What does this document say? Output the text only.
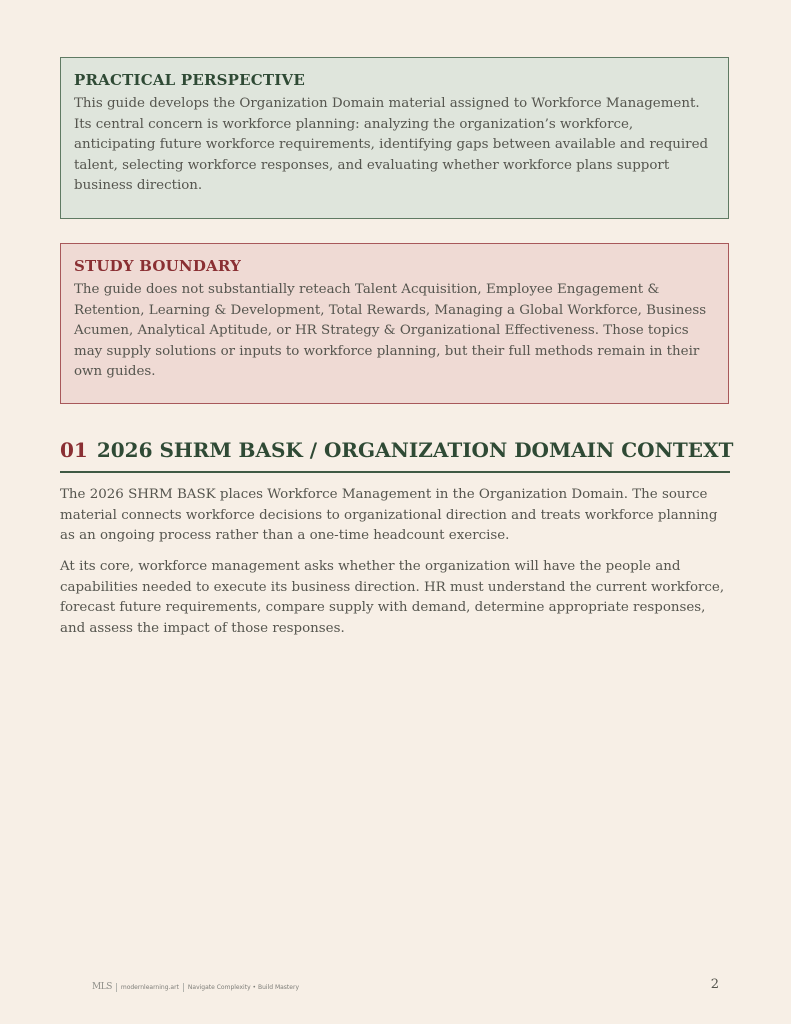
PRACTICAL PERSPECTIVE

This guide develops the Organization Domain material assigned to Workforce Management. Its central concern is workforce planning: analyzing the organization’s workforce, anticipating future workforce requirements, identifying gaps between available and required talent, selecting workforce responses, and evaluating whether workforce plans support business direction.

STUDY BOUNDARY

The guide does not substantially reteach Talent Acquisition, Employee Engagement & Retention, Learning & Development, Total Rewards, Managing a Global Workforce, Business Acumen, Analytical Aptitude, or HR Strategy & Organizational Effectiveness. Those topics may supply solutions or inputs to workforce planning, but their full methods remain in their own guides.

01 2026 SHRM BASK / ORGANIZATION DOMAIN CONTEXT

The 2026 SHRM BASK places Workforce Management in the Organization Domain. The source material connects workforce decisions to organizational direction and treats workforce planning as an ongoing process rather than a one-time headcount exercise.

At its core, workforce management asks whether the organization will have the people and capabilities needed to execute its business direction. HR must understand the current workforce, forecast future requirements, compare supply with demand, determine appropriate responses, and assess the impact of those responses.

MLS modernlearning.art Navigate Complexity • Build Mastery	2
